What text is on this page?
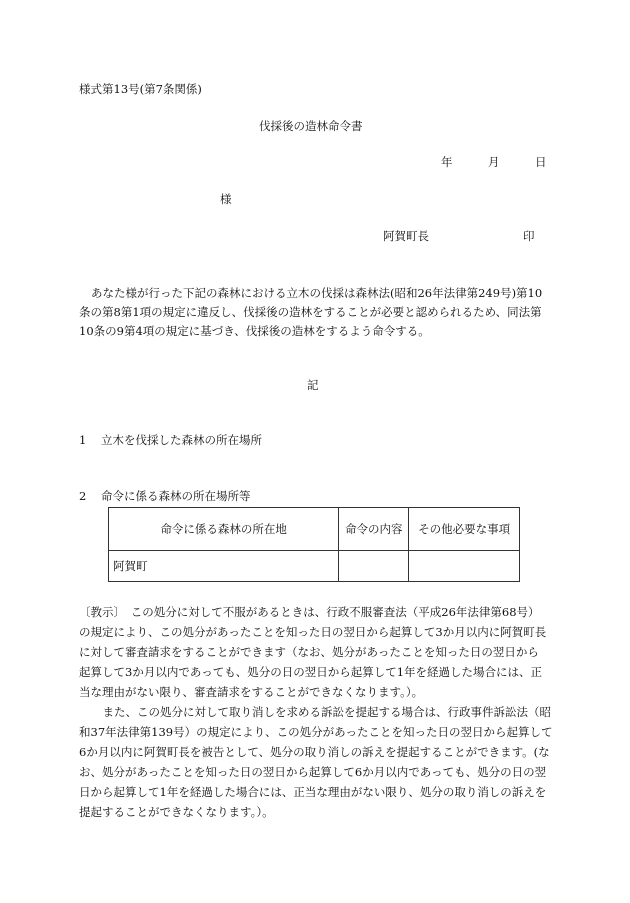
様式第13号(第7条関係)
伐採後の造林命令書
年	月	日
様
阿賀町長	印
あなた様が行った下記の森林における立木の伐採は森林法(昭和26年法律第249号)第10
条の第8第1項の規定に違反し、伐採後の造林をすることが必要と認められるため、同法第
10条の9第4項の規定に基づき、伐採後の造林をするよう命令する。
記
1 立木を伐採した森林の所在場所
2 命令に係る森林の所在場所等
命令に係る森林の所在地	命令の内容	その他必要な事項
阿賀町		
〔教示〕　この処分に対して不服があるときは、行政不服審査法（平成26年法律第68号）
の規定により、この処分があったことを知った日の翌日から起算して3か月以内に阿賀町長
に対して審査請求をすることができます（なお、処分があったことを知った日の翌日から
起算して3か月以内であっても、処分の日の翌日から起算して1年を経過した場合には、正
当な理由がない限り、審査請求をすることができなくなります。）。
　また、この処分に対して取り消しを求める訴訟を提起する場合は、行政事件訴訟法（昭
和37年法律第139号）の規定により、この処分があったことを知った日の翌日から起算して
6か月以内に阿賀町長を被告として、処分の取り消しの訴えを提起することができます。(な
お、処分があったことを知った日の翌日から起算して6か月以内であっても、処分の日の翌
日から起算して1年を経過した場合には、正当な理由がない限り、処分の取り消しの訴えを
提起することができなくなります。）。
